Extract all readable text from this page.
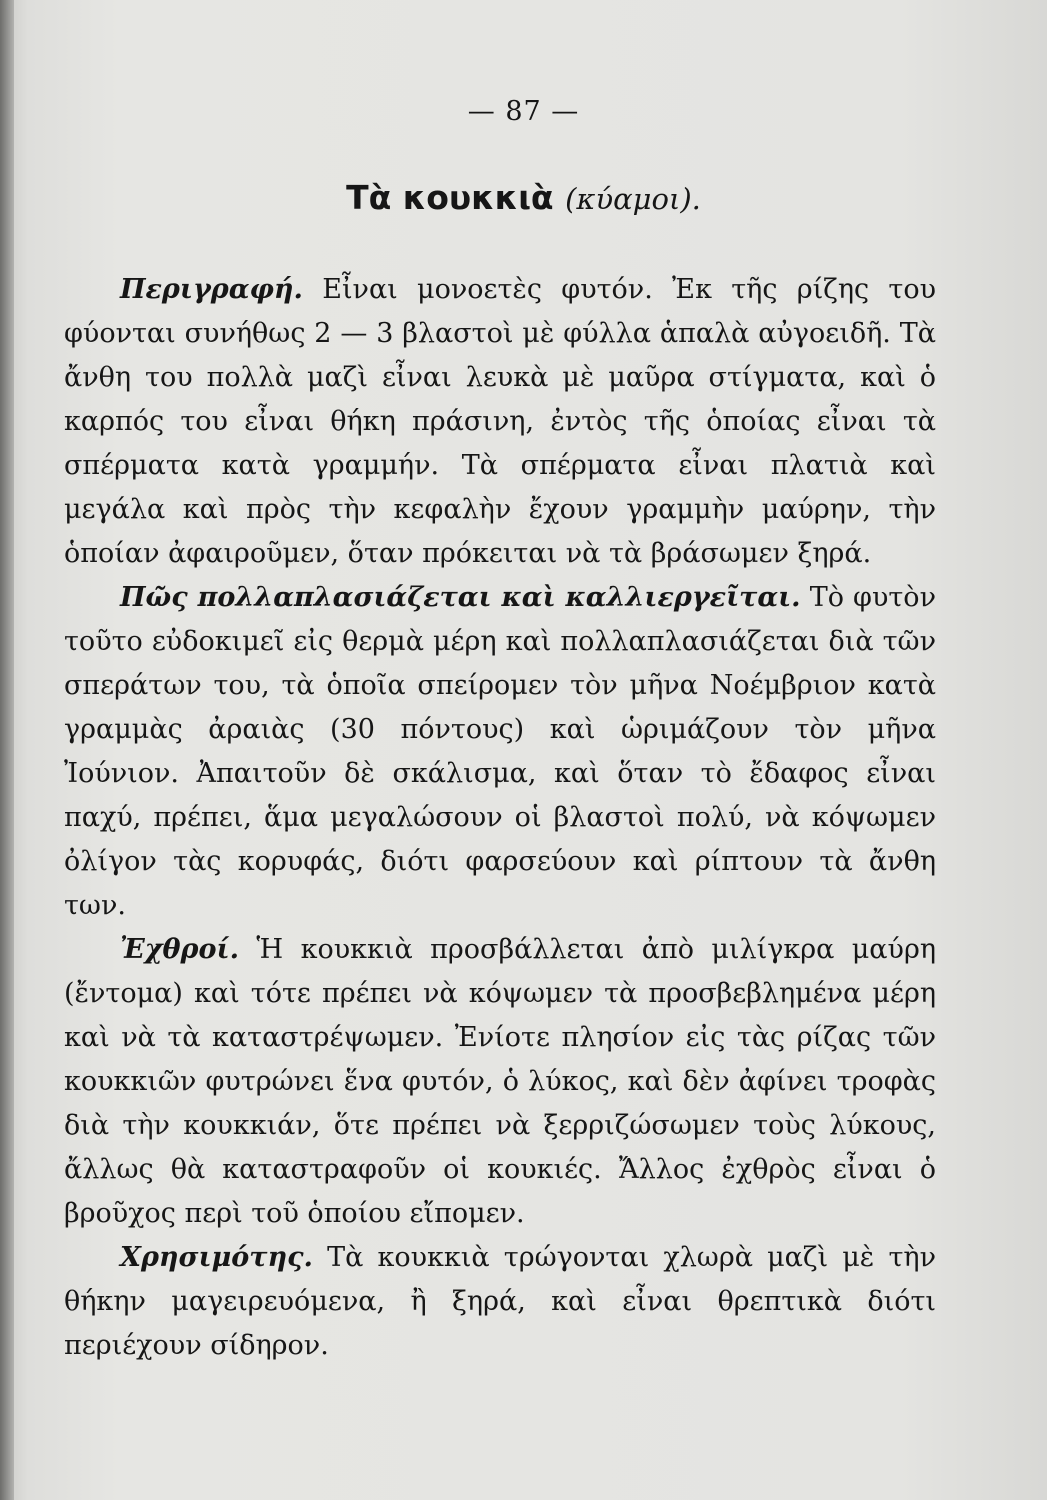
— 87 —
Τὰ κουκκιὰ (κύαμοι).

Περιγραφή. Εἶναι μονοετὲς φυτόν. Ἐκ τῆς ρίζης του φύονται συνήθως 2 — 3 βλαστοὶ μὲ φύλλα ἁπαλὰ αὐγοειδῆ. Τὰ ἄνθη του πολλὰ μαζὶ εἶναι λευκὰ μὲ μαῦρα στίγματα, καὶ ὁ καρπός του εἶναι θήκη πράσινη, ἐντὸς τῆς ὁποίας εἶναι τὰ σπέρματα κατὰ γραμμήν. Τὰ σπέρματα εἶναι πλατιὰ καὶ μεγάλα καὶ πρὸς τὴν κεφαλὴν ἔχουν γραμμὴν μαύρην, τὴν ὁποίαν ἀφαιροῦμεν, ὅταν πρόκειται νὰ τὰ βράσωμεν ξηρά.

Πῶς πολλαπλασιάζεται καὶ καλλιεργεῖται. Τὸ φυτὸν τοῦτο εὐδοκιμεῖ εἰς θερμὰ μέρη καὶ πολλαπλασιάζεται διὰ τῶν σπεράτων του, τὰ ὁποῖα σπείρομεν τὸν μῆνα Νοέμβριον κατὰ γραμμὰς ἀραιὰς (30 πόντους) καὶ ὡριμάζουν τὸν μῆνα Ἰούνιον. Ἀπαιτοῦν δὲ σκάλισμα, καὶ ὅταν τὸ ἔδαφος εἶναι παχύ, πρέπει, ἅμα μεγαλώσουν οἱ βλαστοὶ πολύ, νὰ κόψωμεν ὀλίγον τὰς κορυφάς, διότι φαρσεύουν καὶ ρίπτουν τὰ ἄνθη των.

Ἐχθροί. Ἡ κουκκιὰ προσβάλλεται ἀπὸ μιλίγκρα μαύρη (ἔντομα) καὶ τότε πρέπει νὰ κόψωμεν τὰ προσβεβλημένα μέρη καὶ νὰ τὰ καταστρέψωμεν. Ἐνίοτε πλησίον εἰς τὰς ρίζας τῶν κουκκιῶν φυτρώνει ἕνα φυτόν, ὁ λύκος, καὶ δὲν ἀφίνει τροφὰς διὰ τὴν κουκκιάν, ὅτε πρέπει νὰ ξερριζώσωμεν τοὺς λύκους, ἄλλως θὰ καταστραφοῦν οἱ κουκιές. Ἄλλος ἐχθρὸς εἶναι ὁ βροῦχος περὶ τοῦ ὁποίου εἴπομεν.

Χρησιμότης. Τὰ κουκκιὰ τρώγονται χλωρὰ μαζὶ μὲ τὴν θήκην μαγειρευόμενα, ἢ ξηρά, καὶ εἶναι θρεπτικὰ διότι περιέχουν σίδηρον.
